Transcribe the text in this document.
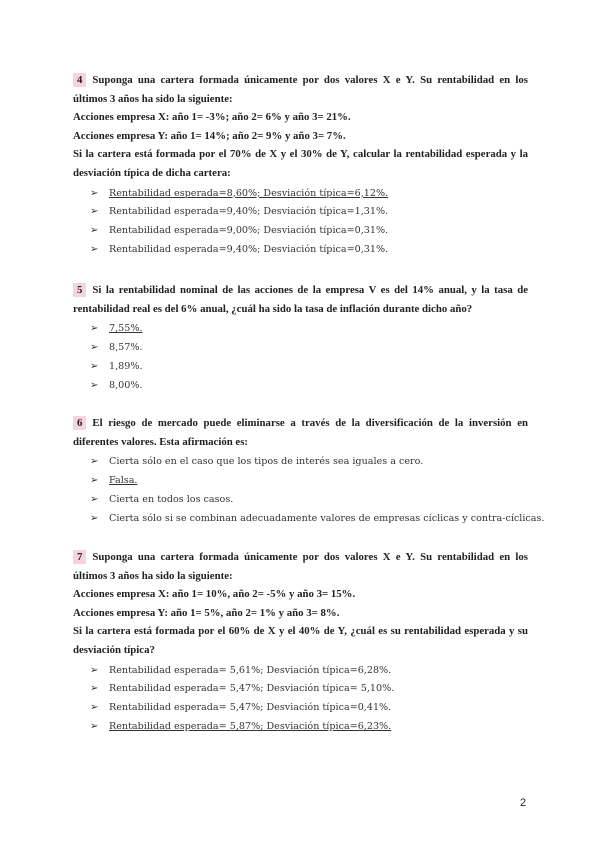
4 Suponga una cartera formada únicamente por dos valores X e Y. Su rentabilidad en los últimos 3 años ha sido la siguiente:

Acciones empresa X: año 1= -3%; año 2= 6% y año 3= 21%.

Acciones empresa Y: año 1= 14%; año 2= 9% y año 3= 7%.

Si la cartera está formada por el 70% de X y el 30% de Y, calcular la rentabilidad esperada y la desviación típica de dicha cartera:

➢ Rentabilidad esperada=8,60%; Desviación típica=6,12%.
➢ Rentabilidad esperada=9,40%; Desviación típica=1,31%.
➢ Rentabilidad esperada=9,00%; Desviación típica=0,31%.
➢ Rentabilidad esperada=9,40%; Desviación típica=0,31%.

5 Si la rentabilidad nominal de las acciones de la empresa V es del 14% anual, y la tasa de rentabilidad real es del 6% anual, ¿cuál ha sido la tasa de inflación durante dicho año?

➢ 7,55%.
➢ 8,57%.
➢ 1,89%.
➢ 8,00%.

6 El riesgo de mercado puede eliminarse a través de la diversificación de la inversión en diferentes valores. Esta afirmación es:

➢ Cierta sólo en el caso que los tipos de interés sea iguales a cero.
➢ Falsa.
➢ Cierta en todos los casos.
➢ Cierta sólo si se combinan adecuadamente valores de empresas cíclicas y contra-cíclicas.

7 Suponga una cartera formada únicamente por dos valores X e Y. Su rentabilidad en los últimos 3 años ha sido la siguiente:

Acciones empresa X: año 1= 10%, año 2= -5% y año 3= 15%.

Acciones empresa Y: año 1= 5%, año 2= 1% y año 3= 8%.

Si la cartera está formada por el 60% de X y el 40% de Y, ¿cuál es su rentabilidad esperada y su desviación típica?

➢ Rentabilidad esperada= 5,61%; Desviación típica=6,28%.
➢ Rentabilidad esperada= 5,47%; Desviación típica= 5,10%.
➢ Rentabilidad esperada= 5,47%; Desviación típica=0,41%.
➢ Rentabilidad esperada= 5,87%; Desviación típica=6,23%.
2
